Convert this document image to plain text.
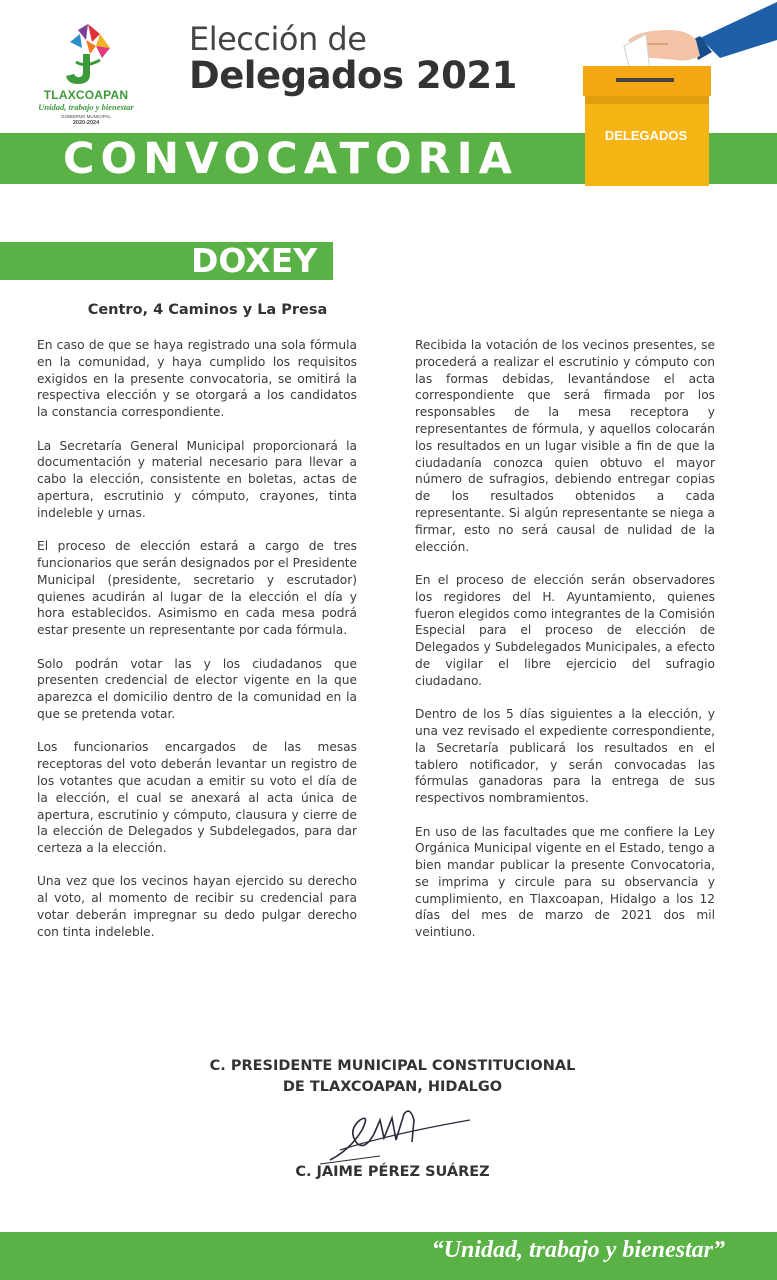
TLAXCOAPAN
Unidad, trabajo y bienestar
GOBIERNO MUNICIPAL
2020-2024
Elección de
Delegados 2021
CONVOCATORIA	DELEGADOS
DOXEY
Centro, 4 Caminos y La Presa

En caso de que se haya registrado una sola fórmula en la comunidad, y haya cumplido los requisitos exigidos en la presente convocatoria, se omitirá la respectiva elección y se otorgará a los candidatos la constancia correspondiente.

La Secretaría General Municipal proporcionará la documentación y material necesario para llevar a cabo la elección, consistente en boletas, actas de apertura, escrutinio y cómputo, crayones, tinta indeleble y urnas.

El proceso de elección estará a cargo de tres funcionarios que serán designados por el Presidente Municipal (presidente, secretario y escrutador) quienes acudirán al lugar de la elección el día y hora establecidos. Asimismo en cada mesa podrá estar presente un representante por cada fórmula.

Solo podrán votar las y los ciudadanos que presenten credencial de elector vigente en la que aparezca el domicilio dentro de la comunidad en la que se pretenda votar.

Los funcionarios encargados de las mesas receptoras del voto deberán levantar un registro de los votantes que acudan a emitir su voto el día de la elección, el cual se anexará al acta única de apertura, escrutinio y cómputo, clausura y cierre de la elección de Delegados y Subdelegados, para dar certeza a la elección.

Una vez que los vecinos hayan ejercido su derecho al voto, al momento de recibir su credencial para votar deberán impregnar su dedo pulgar derecho con tinta indeleble.

Recibida la votación de los vecinos presentes, se procederá a realizar el escrutinio y cómputo con las formas debidas, levantándose el acta correspondiente que será firmada por los responsables de la mesa receptora y representantes de fórmula, y aquellos colocarán los resultados en un lugar visible a fin de que la ciudadanía conozca quien obtuvo el mayor número de sufragios, debiendo entregar copias de los resultados obtenidos a cada representante. Si algún representante se niega a firmar, esto no será causal de nulidad de la elección.

En el proceso de elección serán observadores los regidores del H. Ayuntamiento, quienes fueron elegidos como integrantes de la Comisión Especial para el proceso de elección de Delegados y Subdelegados Municipales, a efecto de vigilar el libre ejercicio del sufragio ciudadano.

Dentro de los 5 días siguientes a la elección, y una vez revisado el expediente correspondiente, la Secretaría publicará los resultados en el tablero notificador, y serán convocadas las fórmulas ganadoras para la entrega de sus respectivos nombramientos.

En uso de las facultades que me confiere la Ley Orgánica Municipal vigente en el Estado, tengo a bien mandar publicar la presente Convocatoria, se imprima y circule para su observancia y cumplimiento, en Tlaxcoapan, Hidalgo a los 12 días del mes de marzo de 2021 dos mil veintiuno.

C. PRESIDENTE MUNICIPAL CONSTITUCIONAL
DE TLAXCOAPAN, HIDALGO
C. JAIME PÉREZ SUÁREZ
“Unidad, trabajo y bienestar”
